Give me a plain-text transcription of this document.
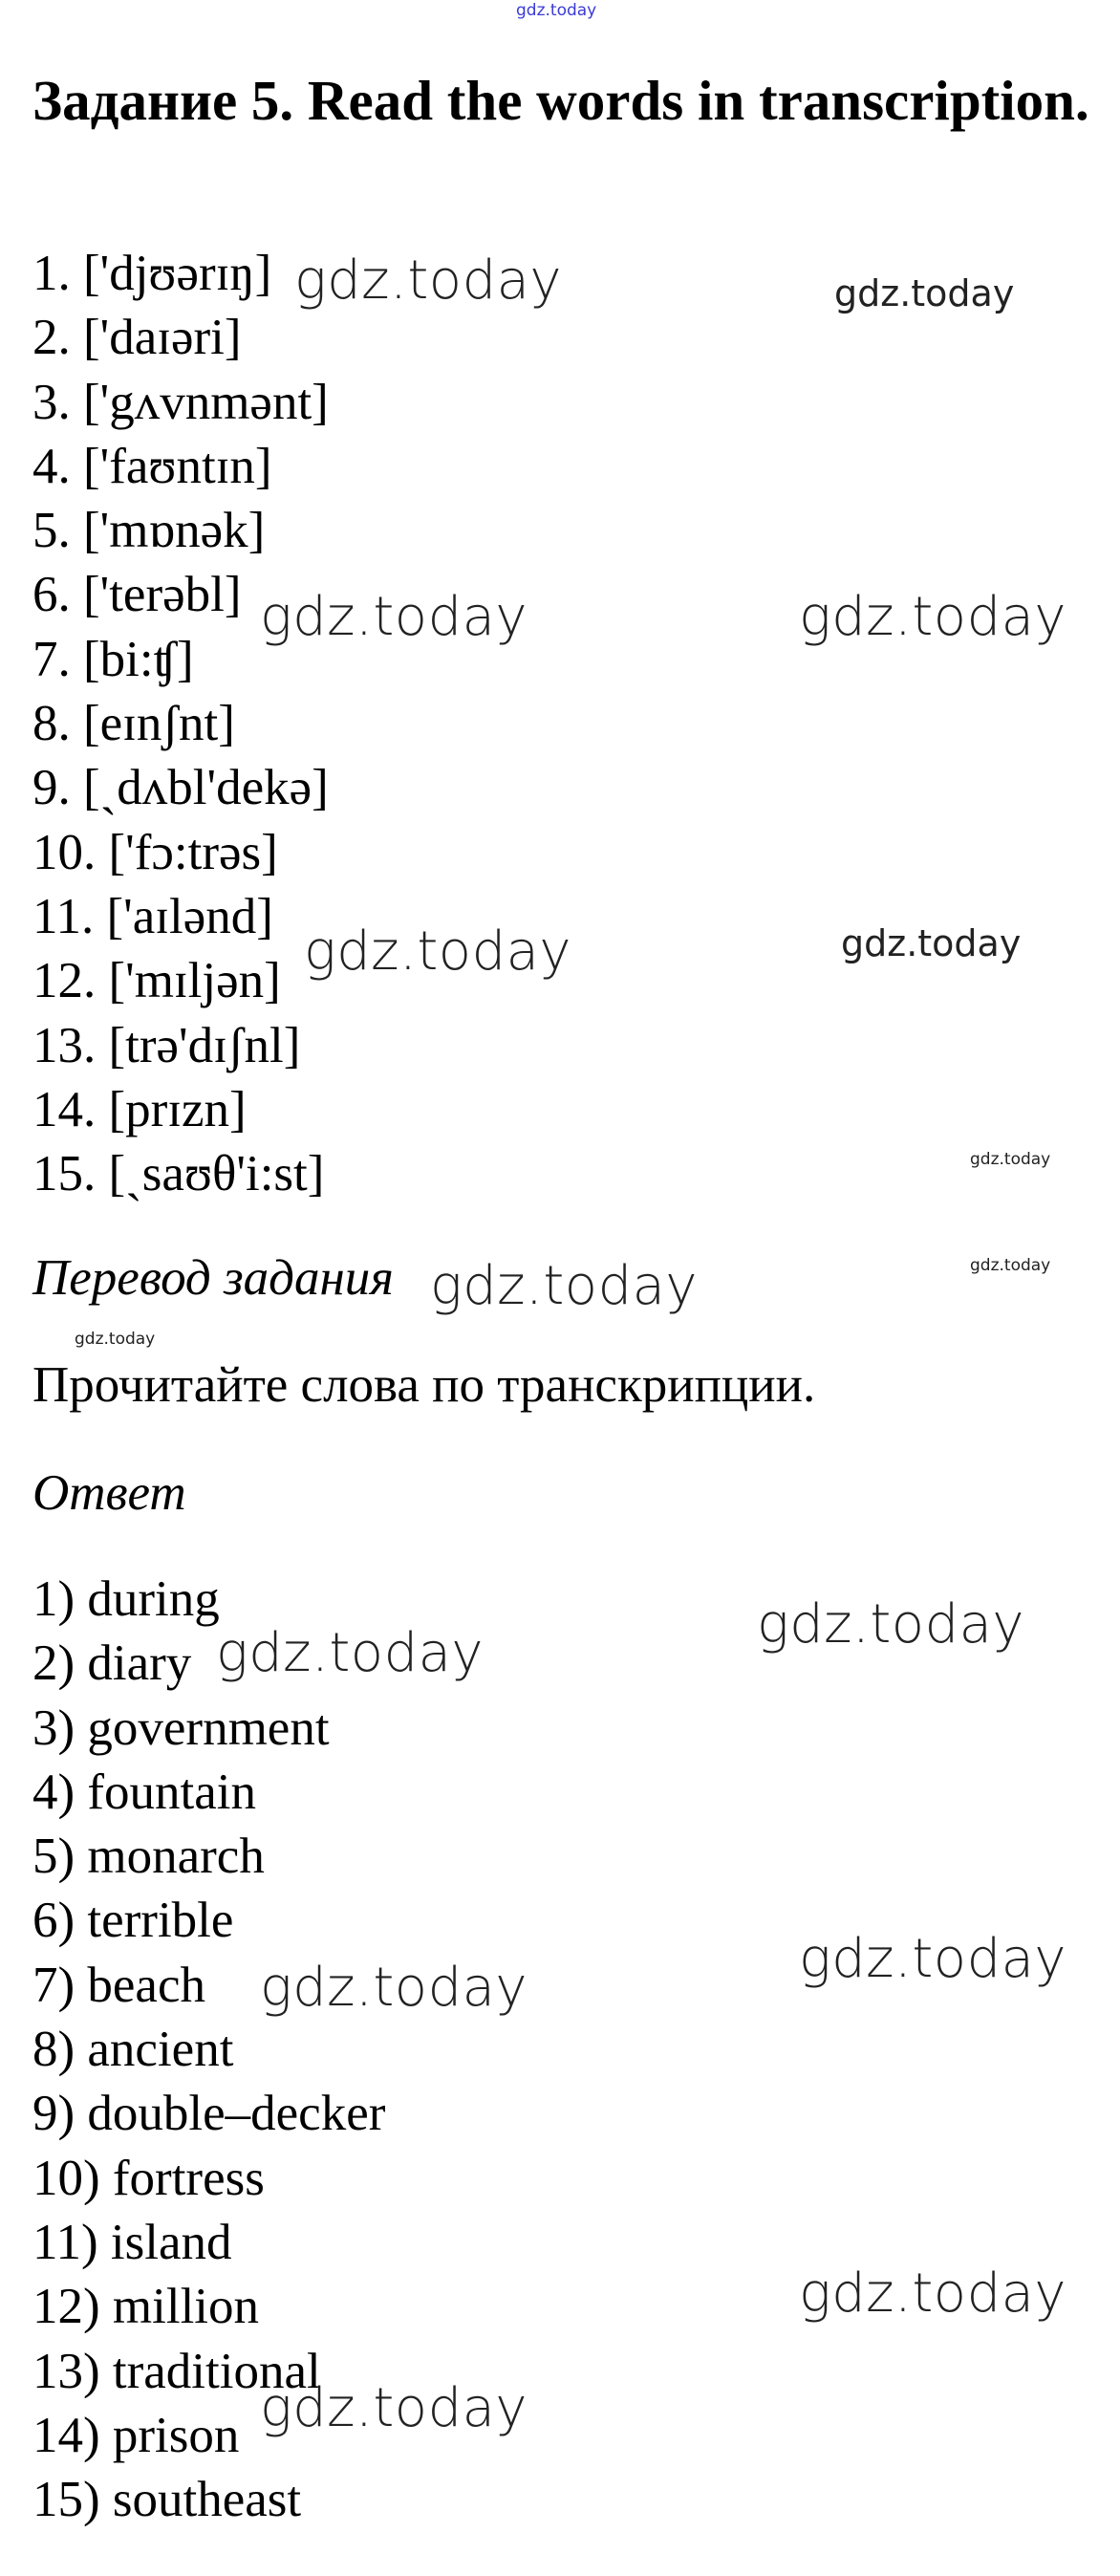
gdz.today
Задание 5. Read the words in transcription.
1. ['djʊərɪŋ]
2. ['daɪəri]
3. ['gʌvnmənt]
4. ['faʊntɪn]
5. ['mɒnək]
6. ['terəbl]
7. [bi:ʧ]
8. [eɪnʃnt]
9. [ˏdʌbl'dekə]
10. ['fɔ:trəs]
11. ['aɪlənd]
12. ['mɪljən]
13. [trə'dɪʃnl]
14. [prɪzn]
15. [ˏsaʊθ'i:st]
Перевод задания
Прочитайте слова по транскрипции.
Ответ
1) during
2) diary
3) government
4) fountain
5) monarch
6) terrible
7) beach
8) ancient
9) double–decker
10) fortress
11) island
12) million
13) traditional
14) prison
15) southeast
gdz.today	gdz.today
gdz.today	gdz.today
gdz.today	gdz.today
gdz.today
gdz.today	gdz.today
gdz.today
gdz.today
gdz.today
gdz.today
gdz.today
gdz.today
gdz.today
